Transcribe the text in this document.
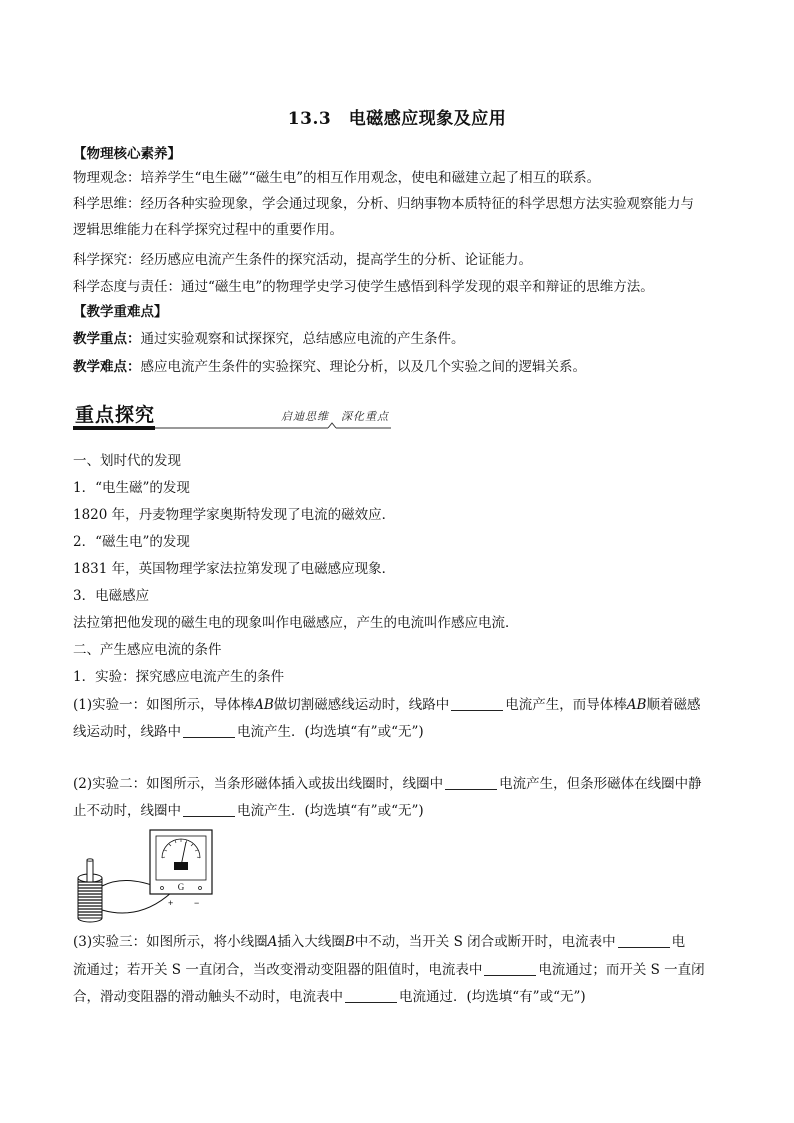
13.3　电磁感应现象及应用
【物理核心素养】
物理观念：培养学生“电生磁”“磁生电”的相互作用观念，使电和磁建立起了相互的联系。
科学思维：经历各种实验现象，学会通过现象，分析、归纳事物本质特征的科学思想方法实验观察能力与
逻辑思维能力在科学探究过程中的重要作用。
科学探究：经历感应电流产生条件的探究活动，提高学生的分析、论证能力。
科学态度与责任：通过“磁生电”的物理学史学习使学生感悟到科学发现的艰辛和辩证的思维方法。
【教学重难点】
教学重点：通过实验观察和试探探究，总结感应电流的产生条件。
教学难点：感应电流产生条件的实验探究、理论分析，以及几个实验之间的逻辑关系。
重点探究	启迪思维　深化重点
一、划时代的发现
1．“电生磁”的发现
1820 年，丹麦物理学家奥斯特发现了电流的磁效应．
2．“磁生电”的发现
1831 年，英国物理学家法拉第发现了电磁感应现象．
3．电磁感应
法拉第把他发现的磁生电的现象叫作电磁感应，产生的电流叫作感应电流．
二、产生感应电流的条件
1．实验：探究感应电流产生的条件
(1)实验一：如图所示，导体棒AB做切割磁感线运动时，线路中	电流产生，而导体棒AB顺着磁感
线运动时，线路中	电流产生．(均选填“有”或“无”)
(2)实验二：如图所示，当条形磁体插入或拔出线圈时，线圈中	电流产生，但条形磁体在线圈中静
止不动时，线圈中	电流产生．(均选填“有”或“无”)
G
+ −
(3)实验三：如图所示，将小线圈A插入大线圈B中不动，当开关 S 闭合或断开时，电流表中	电
流通过；若开关 S 一直闭合，当改变滑动变阻器的阻值时，电流表中	电流通过；而开关 S 一直闭
合，滑动变阻器的滑动触头不动时，电流表中	电流通过．(均选填“有”或“无”)
